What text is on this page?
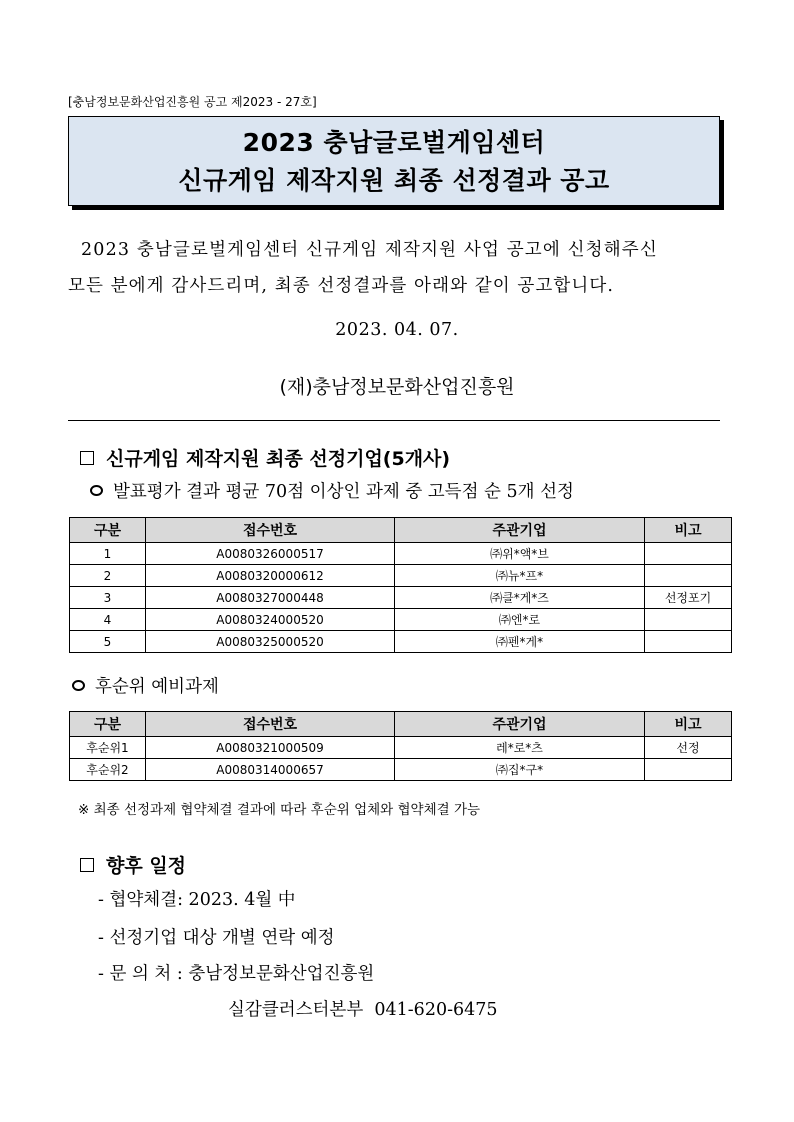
[충남정보문화산업진흥원 공고 제2023 - 27호]
2023 충남글로벌게임센터
신규게임 제작지원 최종 선정결과 공고

2023 충남글로벌게임센터 신규게임 제작지원 사업 공고에 신청해주신

모든 분에게 감사드리며, 최종 선정결과를 아래와 같이 공고합니다.

2023. 04. 07.
(재)충남정보문화산업진흥원
신규게임 제작지원 최종 선정기업(5개사)
발표평가 결과 평균 70점 이상인 과제 중 고득점 순 5개 선정
구분	접수번호	주관기업	비고
1	A0080326000517	㈜위*액*브	
2	A0080320000612	㈜뉴*프*	
3	A0080327000448	㈜클*게*즈	선정포기
4	A0080324000520	㈜엔*로	
5	A0080325000520	㈜펜*게*	
후순위 예비과제
구분	접수번호	주관기업	비고
후순위1	A0080321000509	레*로*츠	선정
후순위2	A0080314000657	㈜집*구*	
※ 최종 선정과제 협약체결 결과에 따라 후순위 업체와 협약체결 가능
향후 일정
- 협약체결: 2023. 4월 中
- 선정기업 대상 개별 연락 예정
- 문 의 처 : 충남정보문화산업진흥원
실감클러스터본부  041-620-6475
